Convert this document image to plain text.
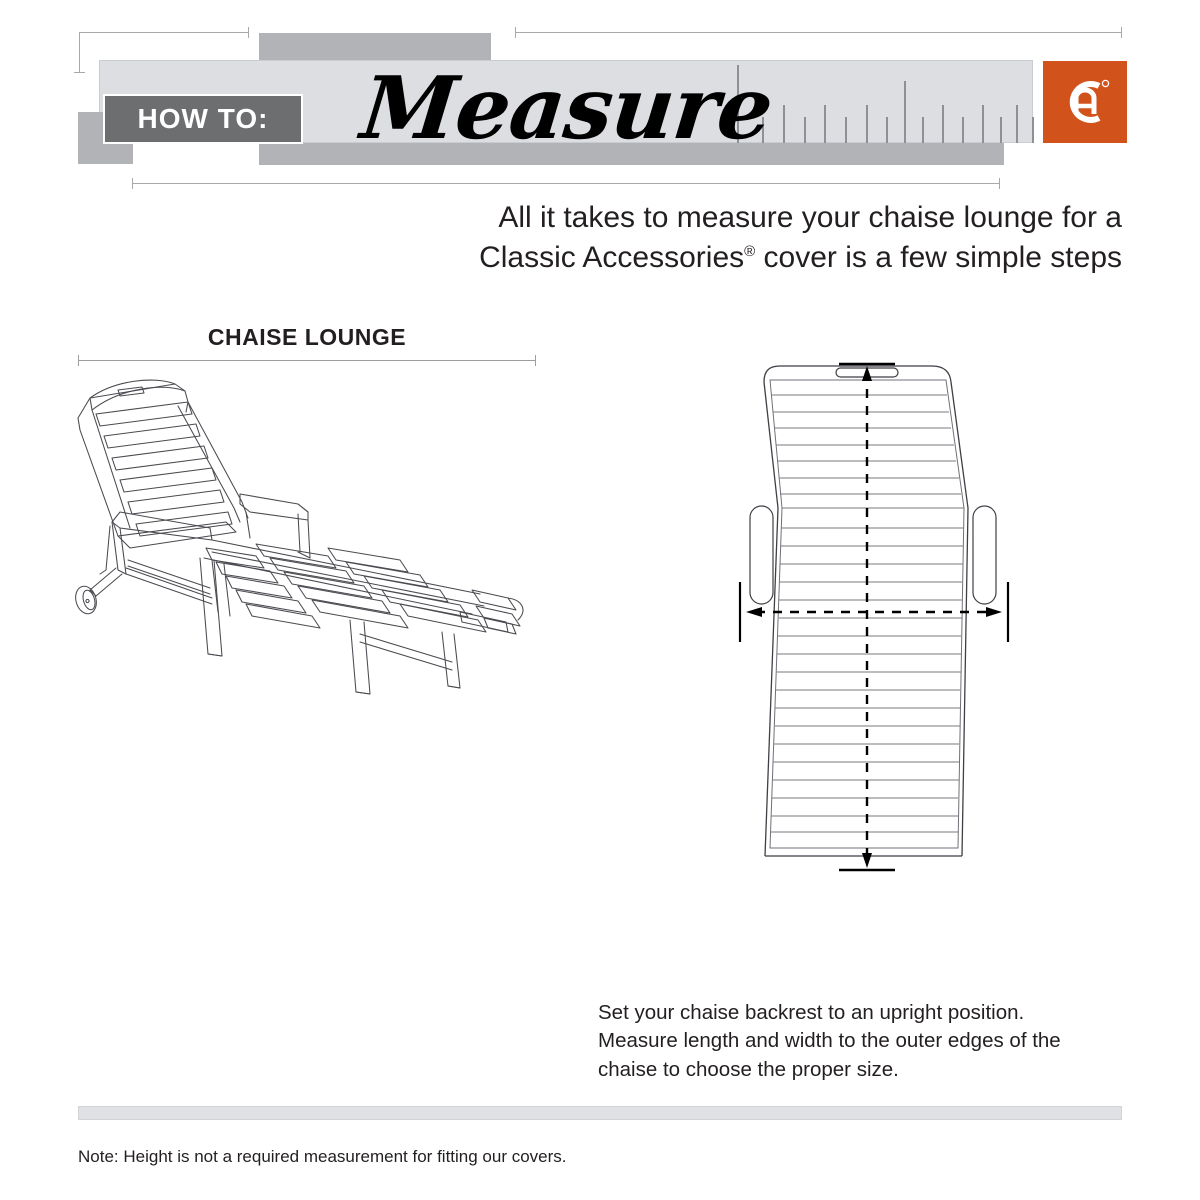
HOW TO: Measure
All it takes to measure your chaise lounge for a
Classic Accessories® cover is a few simple steps
CHAISE LOUNGE
Set your chaise backrest to an upright position.
Measure length and width to the outer edges of the
chaise to choose the proper size.
Note: Height is not a required measurement for fitting our covers.
